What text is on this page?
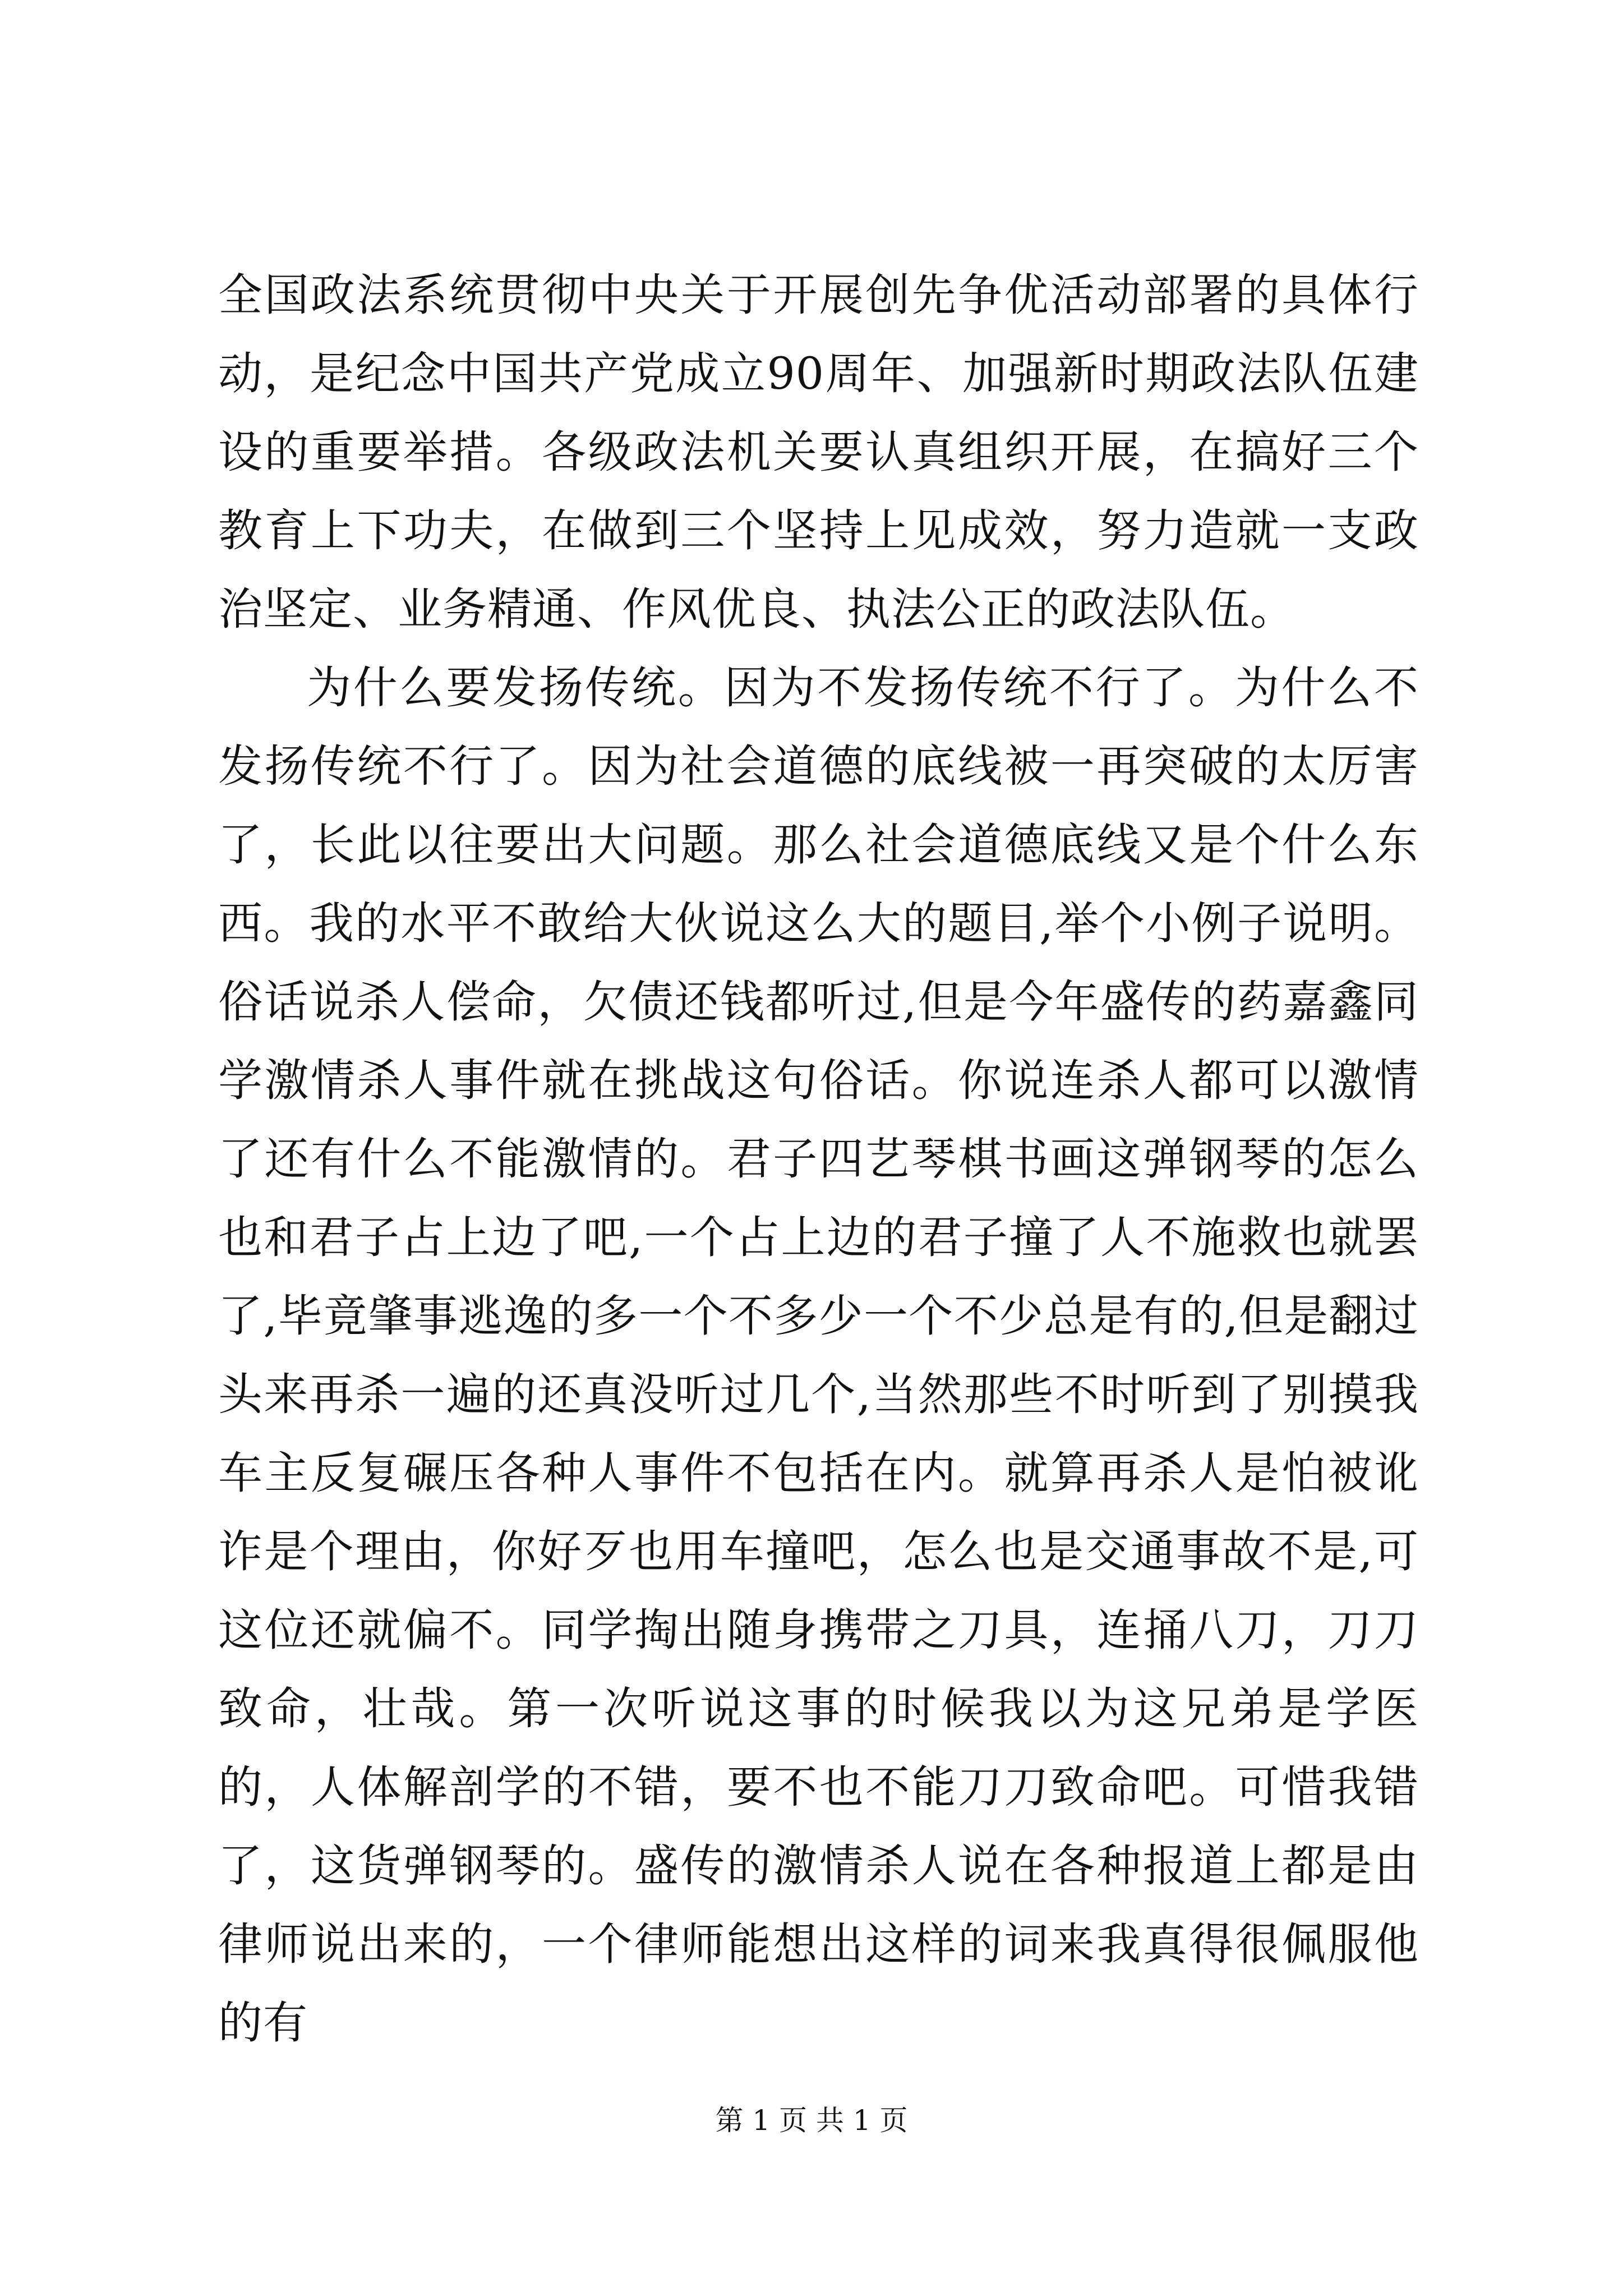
全国政法系统贯彻中央关于开展创先争优活动部署的具体行动，是纪念中国共产党成立90周年、加强新时期政法队伍建设的重要举措。各级政法机关要认真组织开展，在搞好三个教育上下功夫，在做到三个坚持上见成效，努力造就一支政治坚定、业务精通、作风优良、执法公正的政法队伍。

为什么要发扬传统。因为不发扬传统不行了。为什么不发扬传统不行了。因为社会道德的底线被一再突破的太厉害了，长此以往要出大问题。那么社会道德底线又是个什么东西。我的水平不敢给大伙说这么大的题目,举个小例子说明。俗话说杀人偿命，欠债还钱都听过,但是今年盛传的药嘉鑫同学激情杀人事件就在挑战这句俗话。你说连杀人都可以激情了还有什么不能激情的。君子四艺琴棋书画这弹钢琴的怎么也和君子占上边了吧,一个占上边的君子撞了人不施救也就罢了,毕竟肇事逃逸的多一个不多少一个不少总是有的,但是翻过头来再杀一遍的还真没听过几个,当然那些不时听到了别摸我车主反复碾压各种人事件不包括在内。就算再杀人是怕被讹诈是个理由，你好歹也用车撞吧，怎么也是交通事故不是,可这位还就偏不。同学掏出随身携带之刀具，连捅八刀，刀刀致命，壮哉。第一次听说这事的时候我以为这兄弟是学医的，人体解剖学的不错，要不也不能刀刀致命吧。可惜我错了，这货弹钢琴的。盛传的激情杀人说在各种报道上都是由律师说出来的，一个律师能想出这样的词来我真得很佩服他的有

第 1 页 共 1 页
